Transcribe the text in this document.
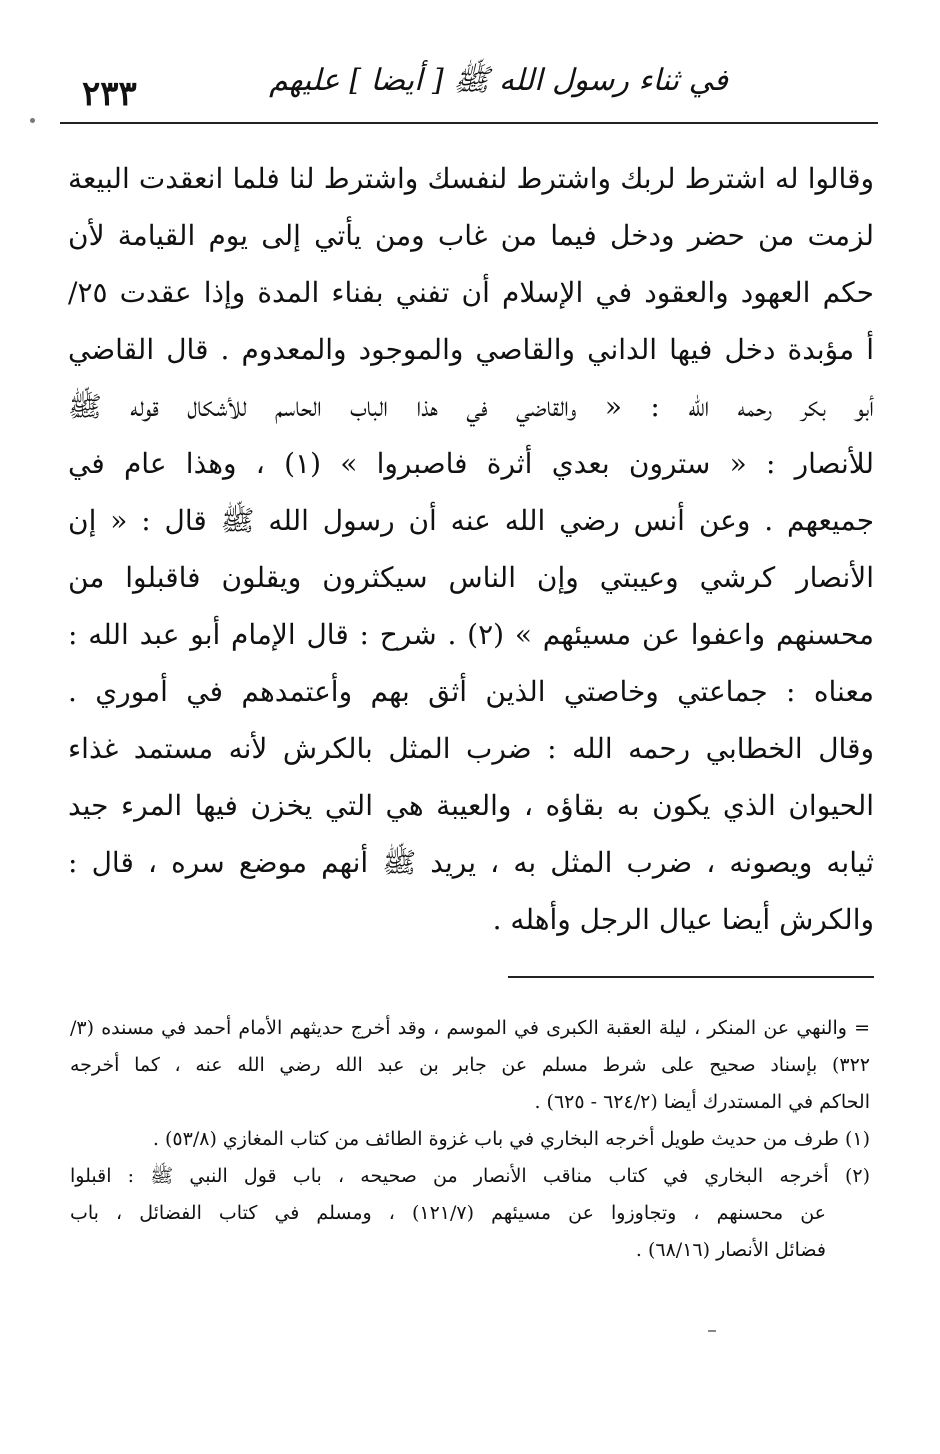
في ثناء رسول الله ﷺ [ أيضا ] عليهم
٢٣٣
وقالوا له اشترط لربك واشترط لنفسك واشترط لنا فلما انعقدت البيعة
لزمت من حضر ودخل فيما من غاب ومن يأتي إلى يوم القيامة لأن
حكم العهود والعقود في الإسلام أن تفني بفناء المدة وإذا عقدت ٢٥/
أ مؤبدة دخل فيها الداني والقاصي والموجود والمعدوم . قال القاضي
أبو بكر رحمه الله : « والقاضي في هذا الباب الحاسم للأشكال قوله ﷺ
للأنصار : « سترون بعدي أثرة فاصبروا » (١) ، وهذا عام في
جميعهم . وعن أنس رضي الله عنه أن رسول الله ﷺ قال : « إن
الأنصار كرشي وعيبتي وإن الناس سيكثرون ويقلون فاقبلوا من
محسنهم واعفوا عن مسيئهم » (٢) . شرح : قال الإمام أبو عبد الله :
معناه : جماعتي وخاصتي الذين أثق بهم وأعتمدهم في أموري .
وقال الخطابي رحمه الله : ضرب المثل بالكرش لأنه مستمد غذاء
الحيوان الذي يكون به بقاؤه ، والعيبة هي التي يخزن فيها المرء جيد
ثيابه ويصونه ، ضرب المثل به ، يريد ﷺ أنهم موضع سره ، قال :
والكرش أيضا عيال الرجل وأهله .
= والنهي عن المنكر ، ليلة العقبة الكبرى في الموسم ، وقد أخرج حديثهم الأمام أحمد في مسنده (٣/
٣٢٢) بإسناد صحيح على شرط مسلم عن جابر بن عبد الله رضي الله عنه ، كما أخرجه
الحاكم في المستدرك أيضا (٦٢٤/٢ - ٦٢٥) .
(١) طرف من حديث طويل أخرجه البخاري في باب غزوة الطائف من كتاب المغازي (٥٣/٨) .
(٢) أخرجه البخاري في كتاب مناقب الأنصار من صحيحه ، باب قول النبي ﷺ : اقبلوا
عن محسنهم ، وتجاوزوا عن مسيئهم (١٢١/٧) ، ومسلم في كتاب الفضائل ، باب
فضائل الأنصار (٦٨/١٦) .
